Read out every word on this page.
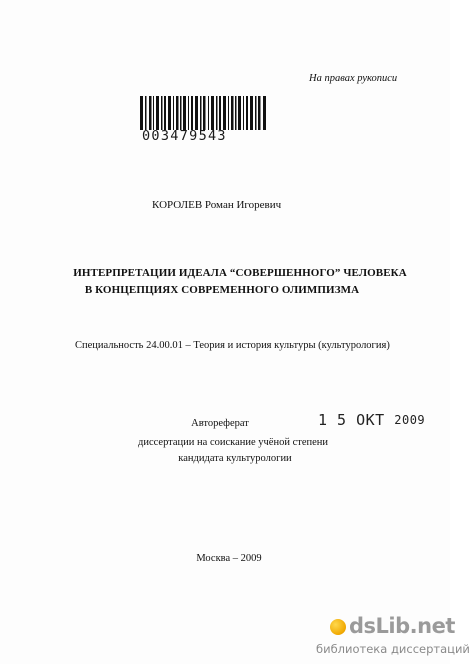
На правах рукописи
003479543
КОРОЛЕВ Роман Игоревич
ИНТЕРПРЕТАЦИИ ИДЕАЛА “СОВЕРШЕННОГО” ЧЕЛОВЕКА
В КОНЦЕПЦИЯХ СОВРЕМЕННОГО ОЛИМПИЗМА
Специальность 24.00.01 – Теория и история культуры (культурология)
1 5 ОКТ 2009
Автореферат
диссертации на соискание учёной степени
кандидата культурологии
Москва – 2009
dsLib.net
библиотека диссертаций
